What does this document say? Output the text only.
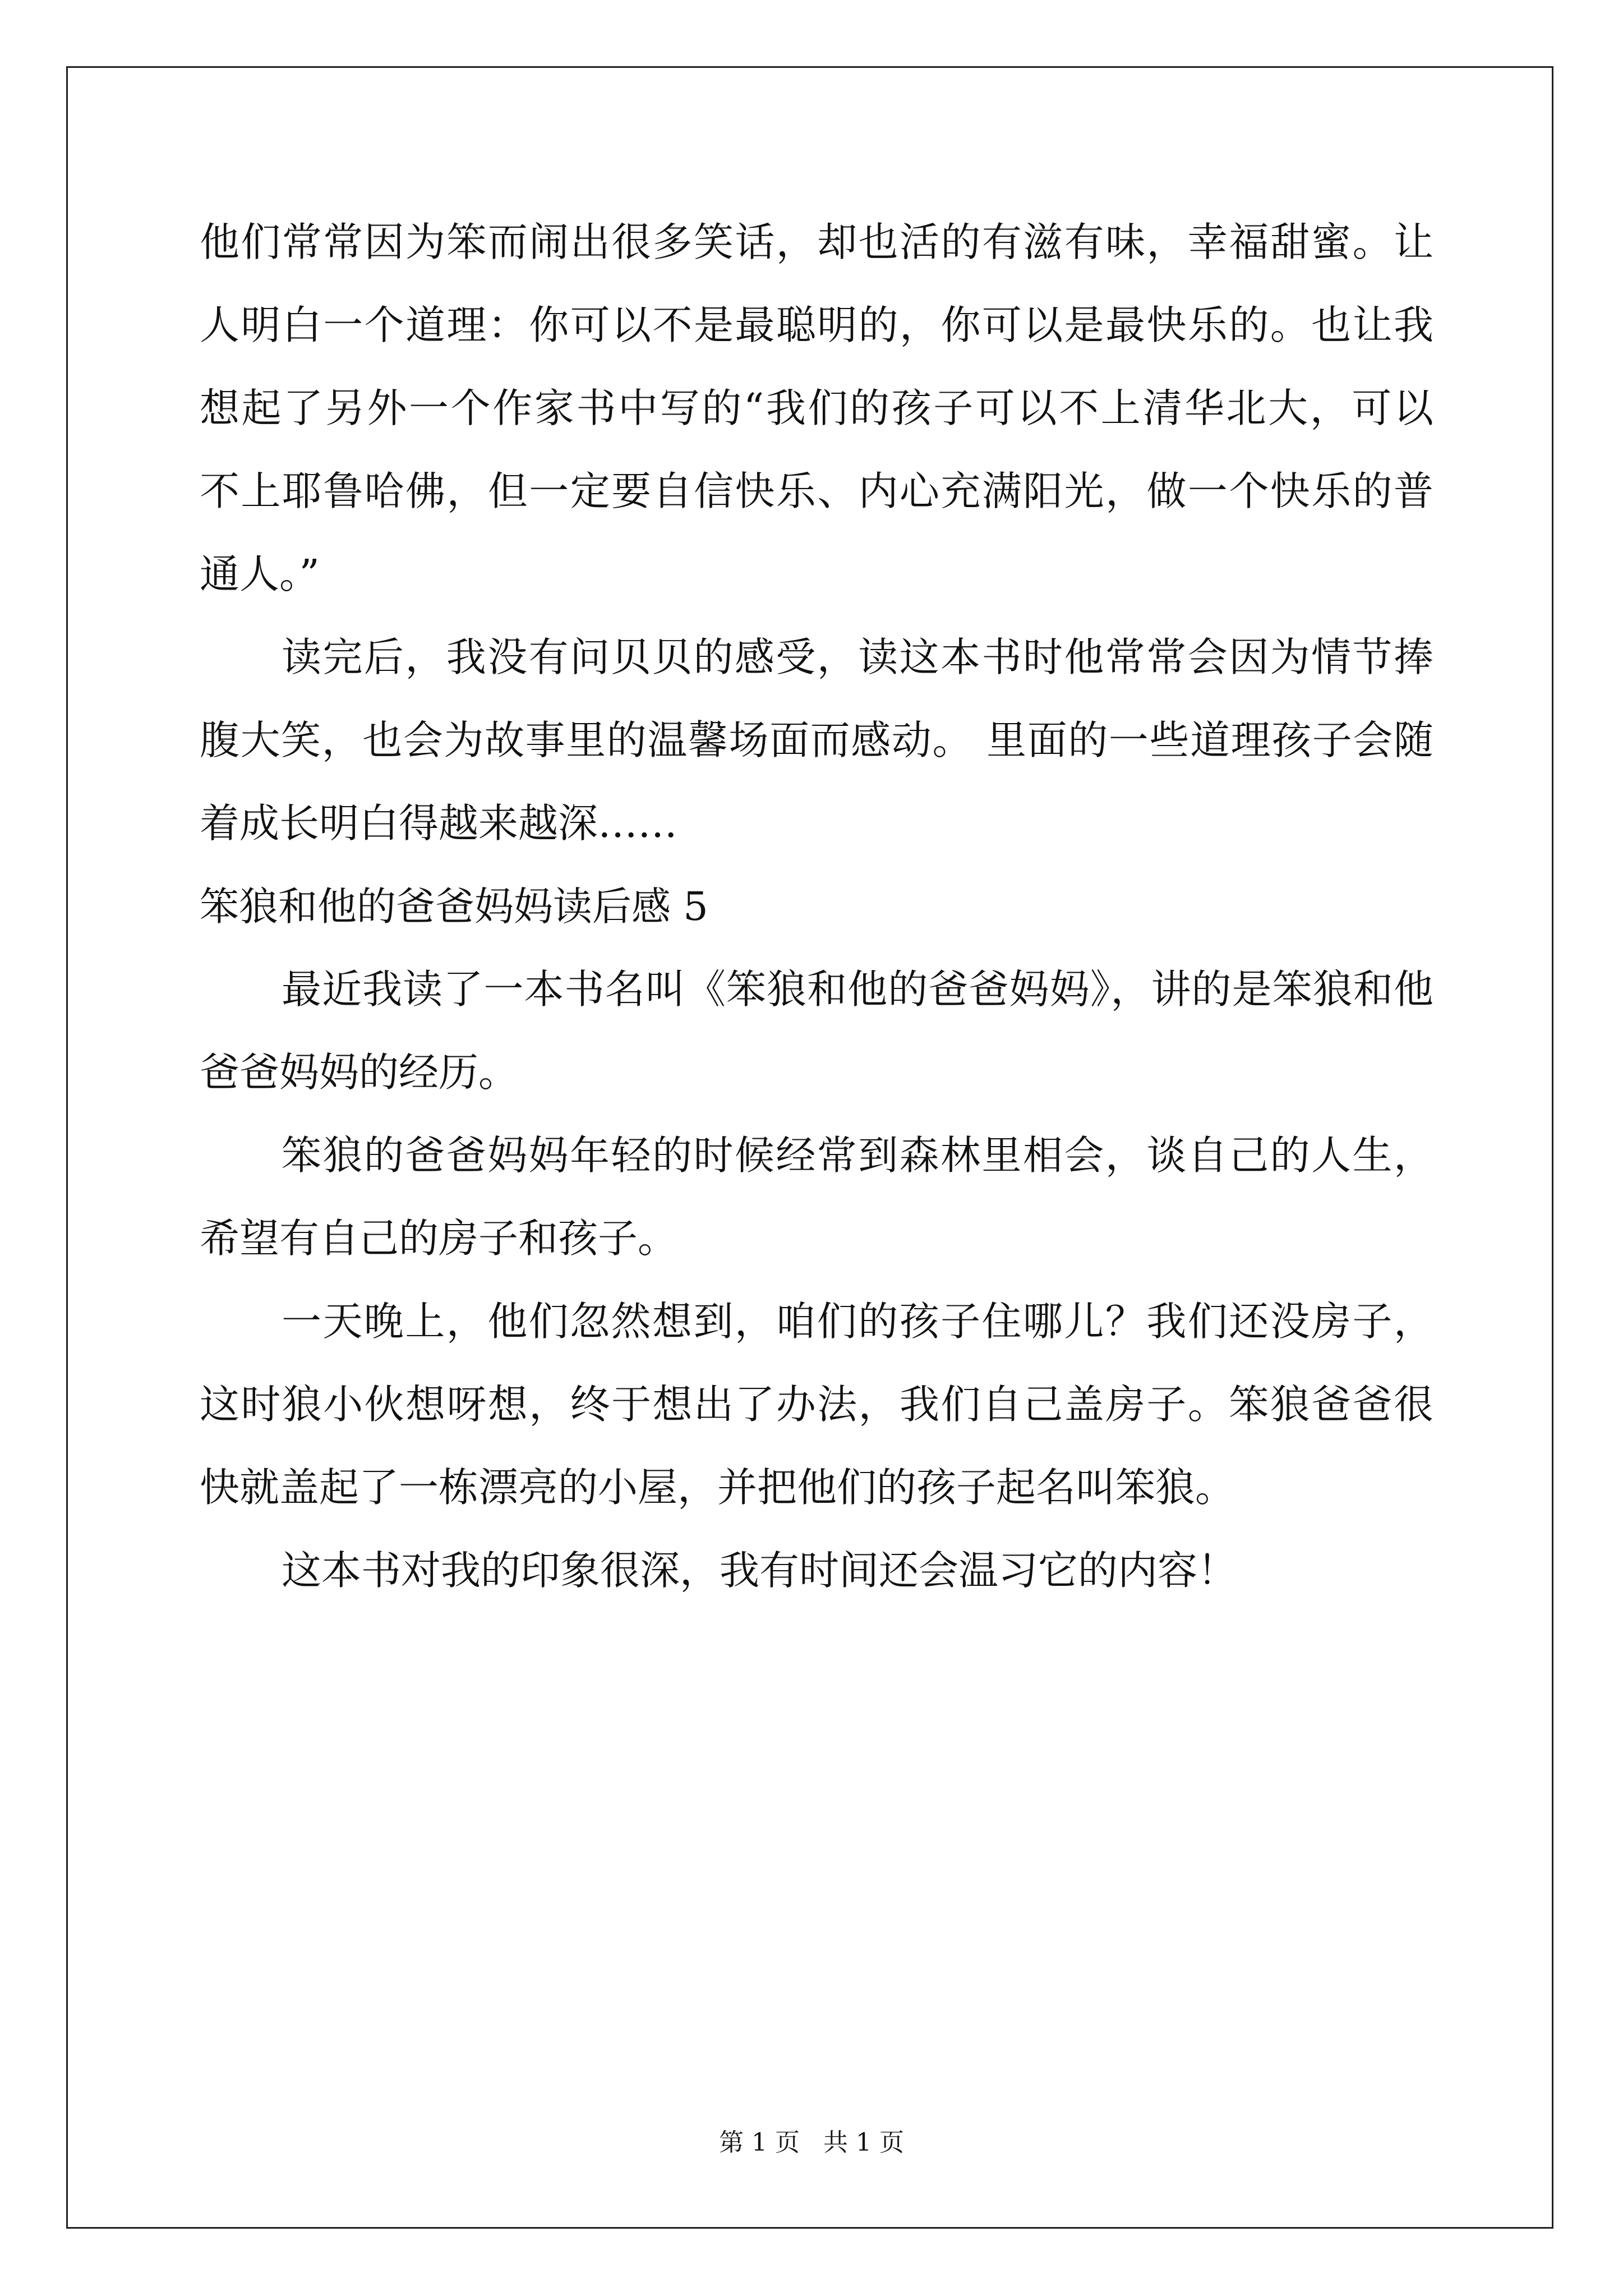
他们常常因为笨而闹出很多笑话，却也活的有滋有味，幸福甜蜜。让
人明白一个道理：你可以不是最聪明的，你可以是最快乐的。也让我
想起了另外一个作家书中写的“我们的孩子可以不上清华北大，可以
不上耶鲁哈佛，但一定要自信快乐、内心充满阳光，做一个快乐的普
通人。”
读完后，我没有问贝贝的感受，读这本书时他常常会因为情节捧
腹大笑，也会为故事里的温馨场面而感动。 里面的一些道理孩子会随
着成长明白得越来越深……
笨狼和他的爸爸妈妈读后感 5
最近我读了一本书名叫《笨狼和他的爸爸妈妈》，讲的是笨狼和他
爸爸妈妈的经历。
笨狼的爸爸妈妈年轻的时候经常到森林里相会，谈自己的人生，
希望有自己的房子和孩子。
一天晚上，他们忽然想到，咱们的孩子住哪儿？我们还没房子，
这时狼小伙想呀想，终于想出了办法，我们自己盖房子。笨狼爸爸很
快就盖起了一栋漂亮的小屋，并把他们的孩子起名叫笨狼。
这本书对我的印象很深，我有时间还会温习它的内容！
第 1 页 共 1 页
